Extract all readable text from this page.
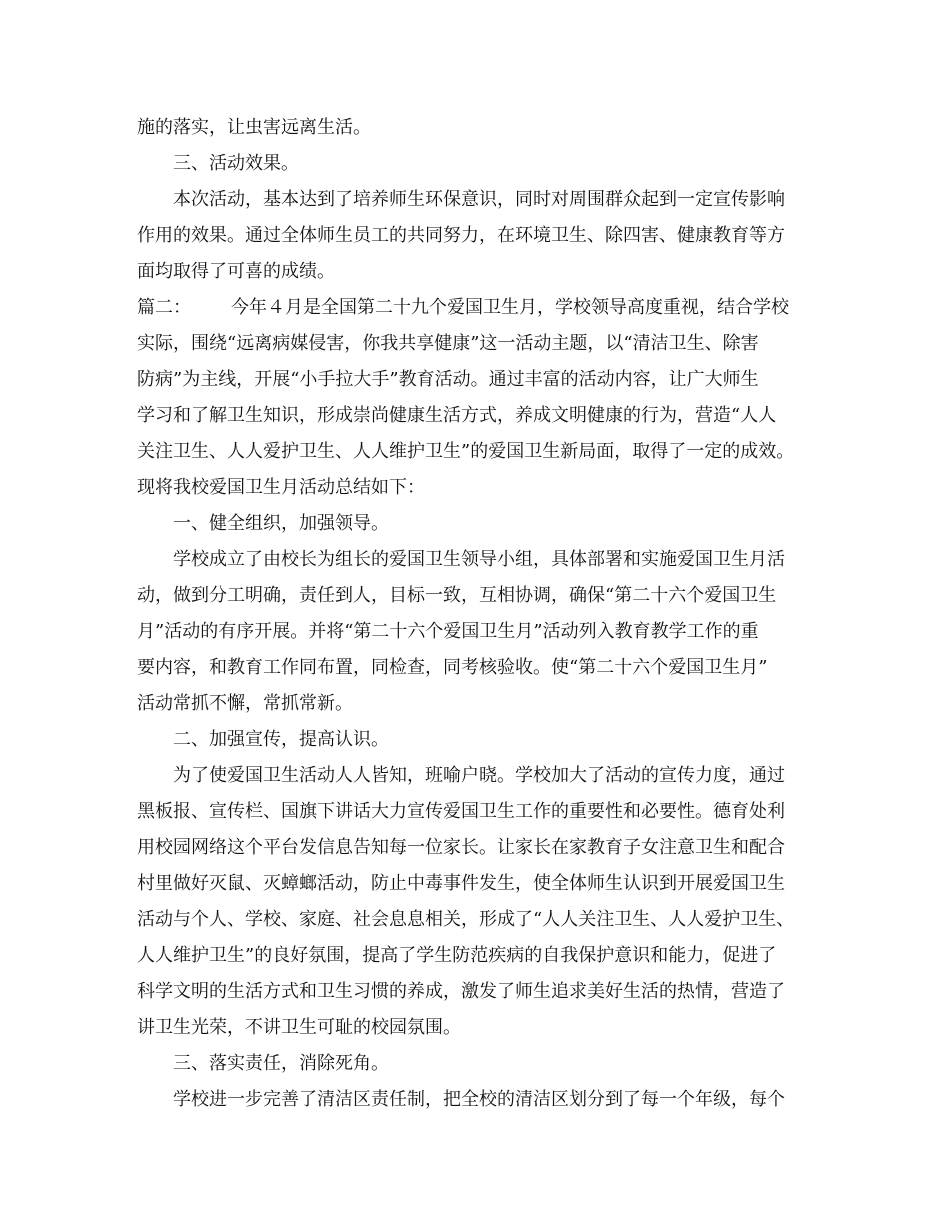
施的落实，让虫害远离生活。
三、活动效果。
本次活动，基本达到了培养师生环保意识，同时对周围群众起到一定宣传影响
作用的效果。通过全体师生员工的共同努力，在环境卫生、除四害、健康教育等方
面均取得了可喜的成绩。
篇二： 今年４月是全国第二十九个爱国卫生月，学校领导高度重视，结合学校
实际，围绕“远离病媒侵害，你我共享健康”这一活动主题，以“清洁卫生、除害
防病”为主线，开展“小手拉大手”教育活动。通过丰富的活动内容，让广大师生
学习和了解卫生知识，形成崇尚健康生活方式，养成文明健康的行为，营造“人人
关注卫生、人人爱护卫生、人人维护卫生”的爱国卫生新局面，取得了一定的成效。
现将我校爱国卫生月活动总结如下：
一、健全组织，加强领导。
学校成立了由校长为组长的爱国卫生领导小组，具体部署和实施爱国卫生月活
动，做到分工明确，责任到人，目标一致，互相协调，确保“第二十六个爱国卫生
月”活动的有序开展。并将“第二十六个爱国卫生月”活动列入教育教学工作的重
要内容，和教育工作同布置，同检查，同考核验收。使“第二十六个爱国卫生月”
活动常抓不懈，常抓常新。
二、加强宣传，提高认识。
为了使爱国卫生活动人人皆知，班喻户晓。学校加大了活动的宣传力度，通过
黑板报、宣传栏、国旗下讲话大力宣传爱国卫生工作的重要性和必要性。德育处利
用校园网络这个平台发信息告知每一位家长。让家长在家教育子女注意卫生和配合
村里做好灭鼠、灭蟑螂活动，防止中毒事件发生，使全体师生认识到开展爱国卫生
活动与个人、学校、家庭、社会息息相关，形成了“人人关注卫生、人人爱护卫生、
人人维护卫生”的良好氛围，提高了学生防范疾病的自我保护意识和能力，促进了
科学文明的生活方式和卫生习惯的养成，激发了师生追求美好生活的热情，营造了
讲卫生光荣，不讲卫生可耻的校园氛围。
三、落实责任，消除死角。
学校进一步完善了清洁区责任制，把全校的清洁区划分到了每一个年级，每个
